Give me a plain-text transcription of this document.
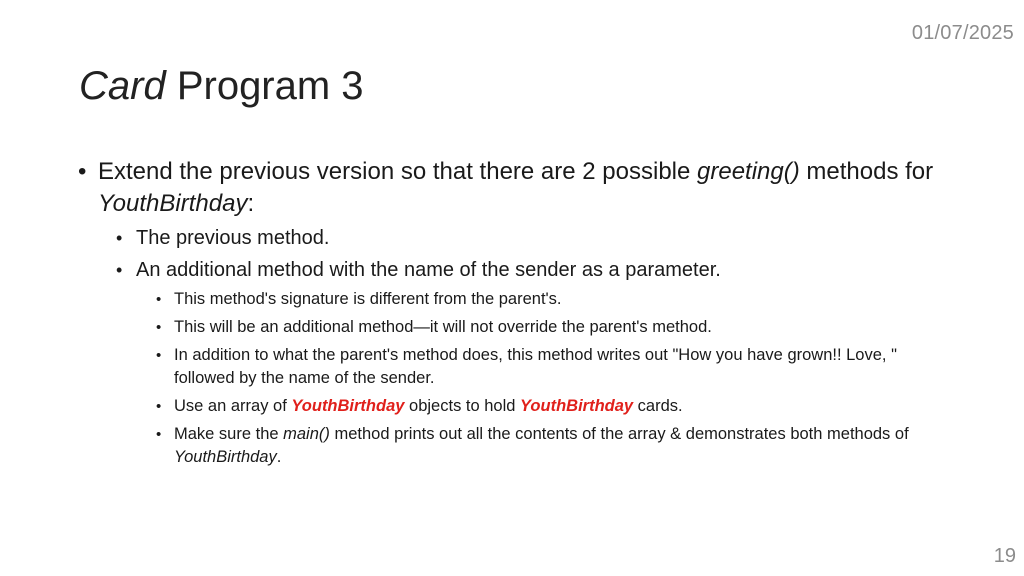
01/07/2025
Card Program 3
• Extend the previous version so that there are 2 possible greeting() methods for YouthBirthday:
• The previous method.
• An additional method with the name of the sender as a parameter.
• This method's signature is different from the parent's.
• This will be an additional method—it will not override the parent's method.
• In addition to what the parent's method does, this method writes out "How you have grown!! Love, " followed by the name of the sender.
• Use an array of YouthBirthday objects to hold YouthBirthday cards.
• Make sure the main() method prints out all the contents of the array & demonstrates both methods of YouthBirthday.
19
